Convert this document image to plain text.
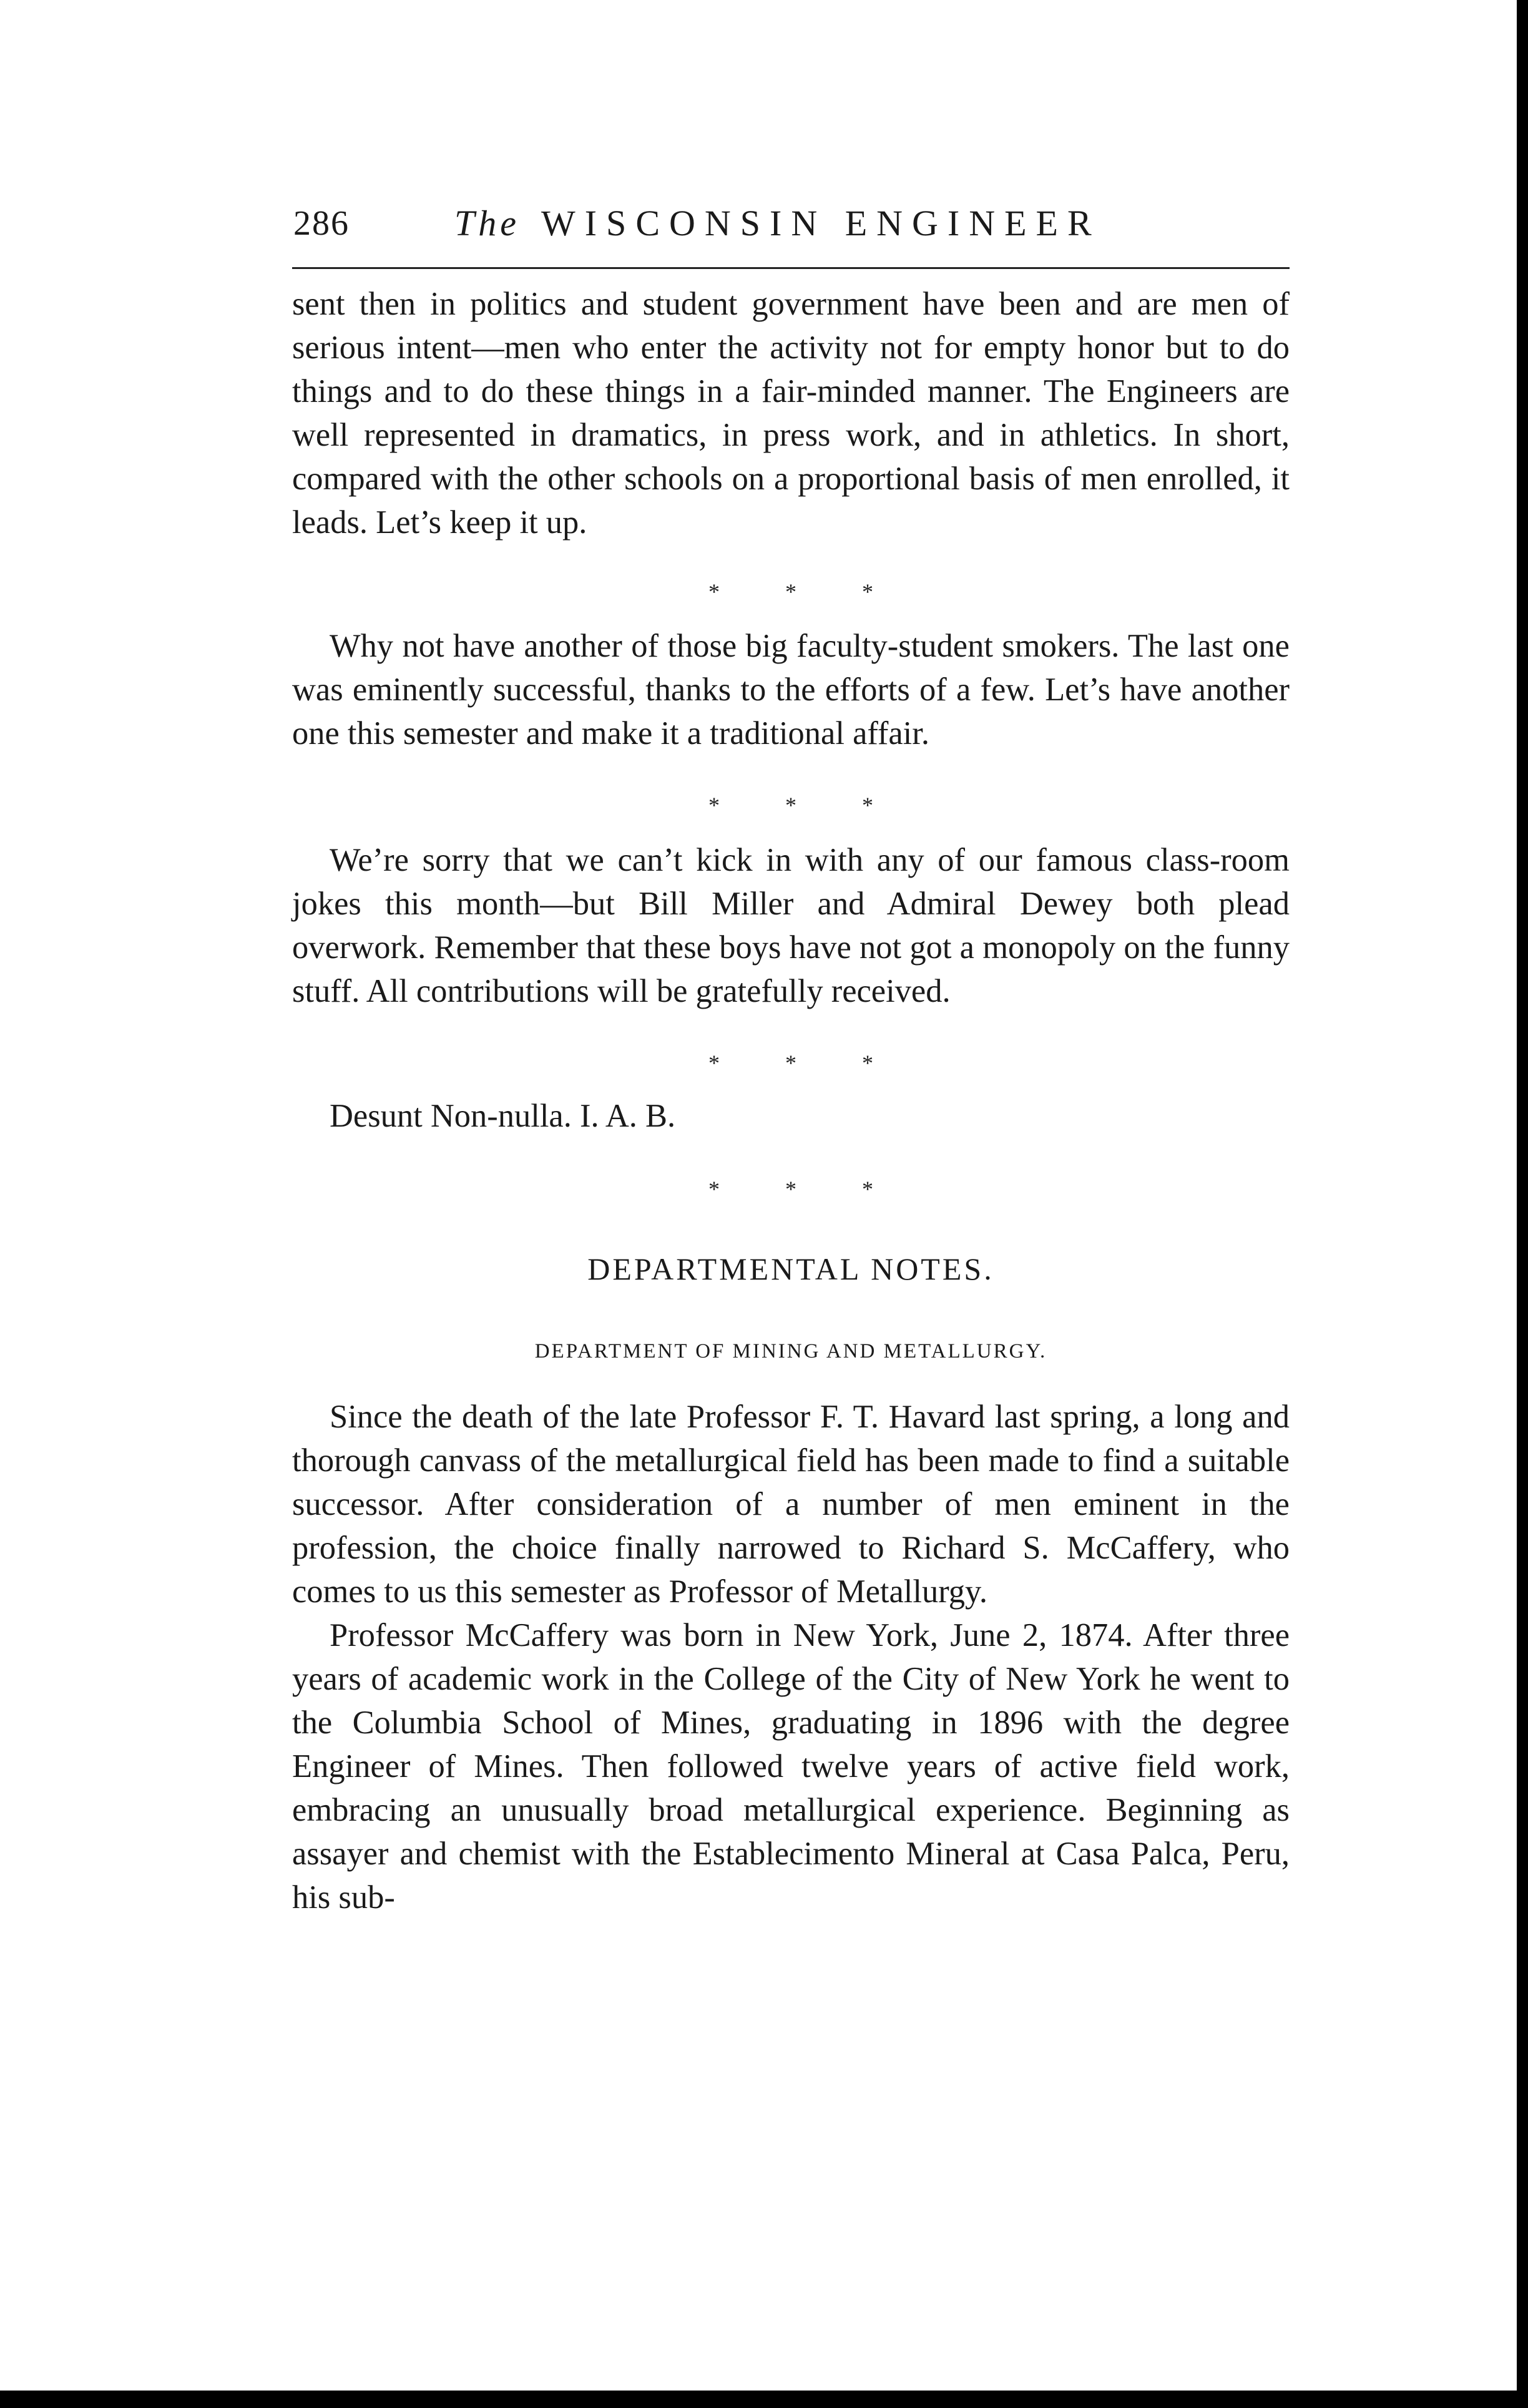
286	The WISCONSIN ENGINEER

sent then in politics and student government have been and are men of serious intent—men who enter the activity not for empty honor but to do things and to do these things in a fair-minded manner. The Engineers are well represented in dramatics, in press work, and in athletics. In short, compared with the other schools on a proportional basis of men enrolled, it leads. Let’s keep it up.

* * *

Why not have another of those big faculty-student smokers. The last one was eminently successful, thanks to the efforts of a few. Let’s have another one this semester and make it a traditional affair.

* * *

We’re sorry that we can’t kick in with any of our famous class-room jokes this month—but Bill Miller and Admiral Dewey both plead overwork. Remember that these boys have not got a monopoly on the funny stuff. All contributions will be gratefully received.

* * *
Desunt Non-nulla. I. A. B.
* * *
DEPARTMENTAL NOTES.
DEPARTMENT OF MINING AND METALLURGY.

Since the death of the late Professor F. T. Havard last spring, a long and thorough canvass of the metallurgical field has been made to find a suitable successor. After consideration of a number of men eminent in the profession, the choice finally narrowed to Richard S. McCaffery, who comes to us this semester as Professor of Metallurgy.

Professor McCaffery was born in New York, June 2, 1874. After three years of academic work in the College of the City of New York he went to the Columbia School of Mines, graduating in 1896 with the degree Engineer of Mines. Then followed twelve years of active field work, embracing an unusually broad metallurgical experience. Beginning as assayer and chemist with the Establecimento Mineral at Casa Palca, Peru, his sub-
